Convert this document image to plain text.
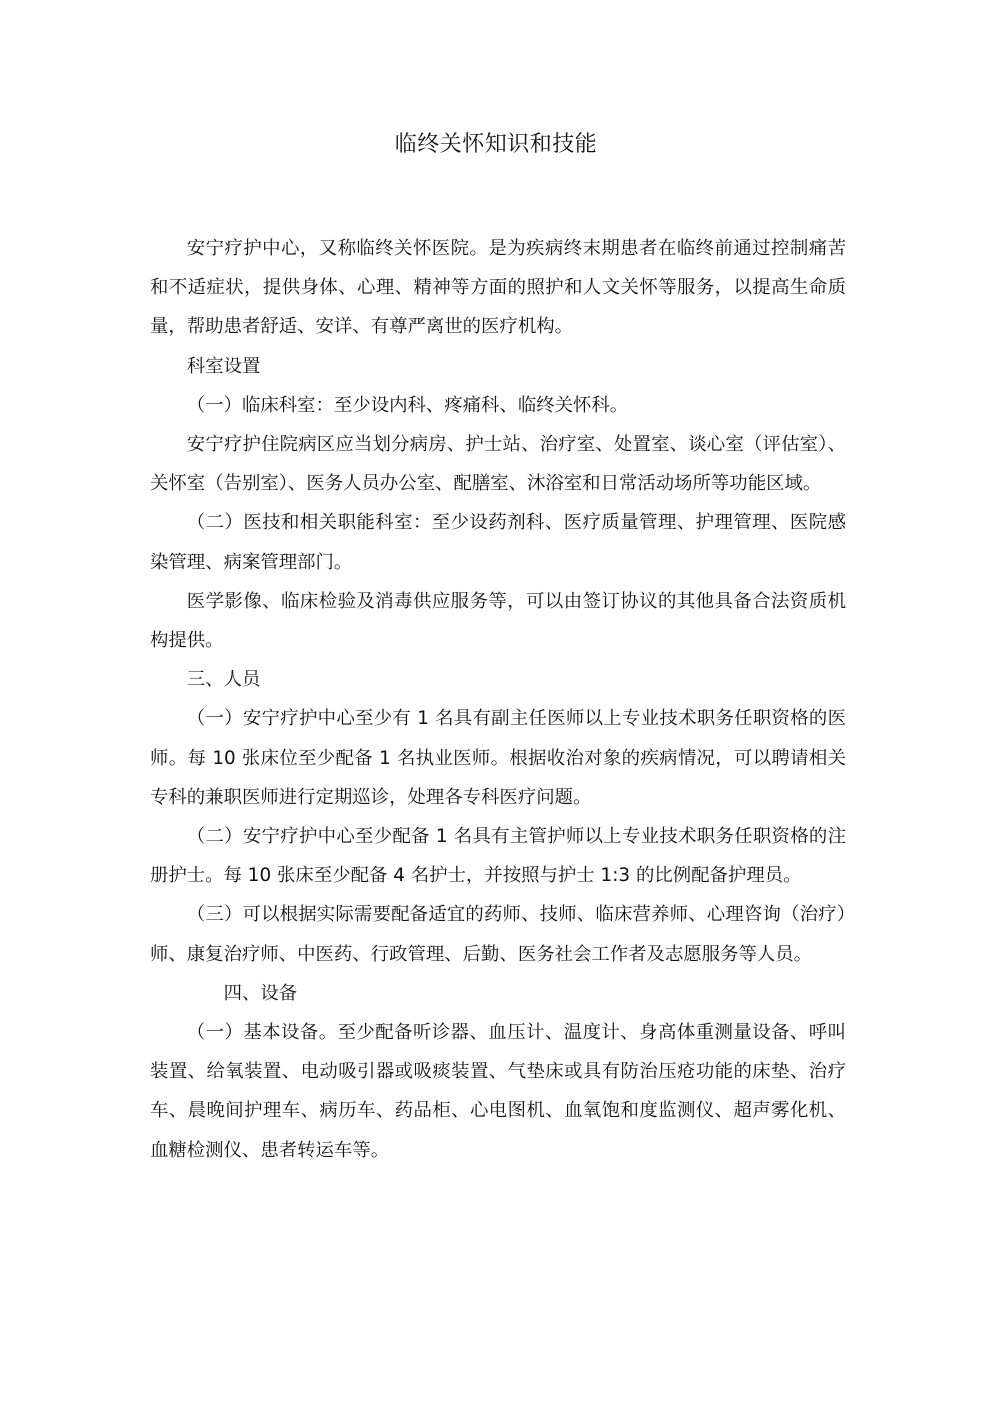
临终关怀知识和技能

安宁疗护中心，又称临终关怀医院。是为疾病终末期患者在临终前通过控制痛苦和不适症状，提供身体、心理、精神等方面的照护和人文关怀等服务，以提高生命质量，帮助患者舒适、安详、有尊严离世的医疗机构。

科室设置

（一）临床科室：至少设内科、疼痛科、临终关怀科。

安宁疗护住院病区应当划分病房、护士站、治疗室、处置室、谈心室（评估室）、关怀室（告别室）、医务人员办公室、配膳室、沐浴室和日常活动场所等功能区域。

（二）医技和相关职能科室：至少设药剂科、医疗质量管理、护理管理、医院感染管理、病案管理部门。

医学影像、临床检验及消毒供应服务等，可以由签订协议的其他具备合法资质机构提供。

三、人员

（一）安宁疗护中心至少有 1 名具有副主任医师以上专业技术职务任职资格的医师。每 10 张床位至少配备 1 名执业医师。根据收治对象的疾病情况，可以聘请相关专科的兼职医师进行定期巡诊，处理各专科医疗问题。

（二）安宁疗护中心至少配备 1 名具有主管护师以上专业技术职务任职资格的注册护士。每 10 张床至少配备 4 名护士，并按照与护士 1:3 的比例配备护理员。

（三）可以根据实际需要配备适宜的药师、技师、临床营养师、心理咨询（治疗）师、康复治疗师、中医药、行政管理、后勤、医务社会工作者及志愿服务等人员。

四、设备

（一）基本设备。至少配备听诊器、血压计、温度计、身高体重测量设备、呼叫装置、给氧装置、电动吸引器或吸痰装置、气垫床或具有防治压疮功能的床垫、治疗车、晨晚间护理车、病历车、药品柜、心电图机、血氧饱和度监测仪、超声雾化机、血糖检测仪、患者转运车等。
